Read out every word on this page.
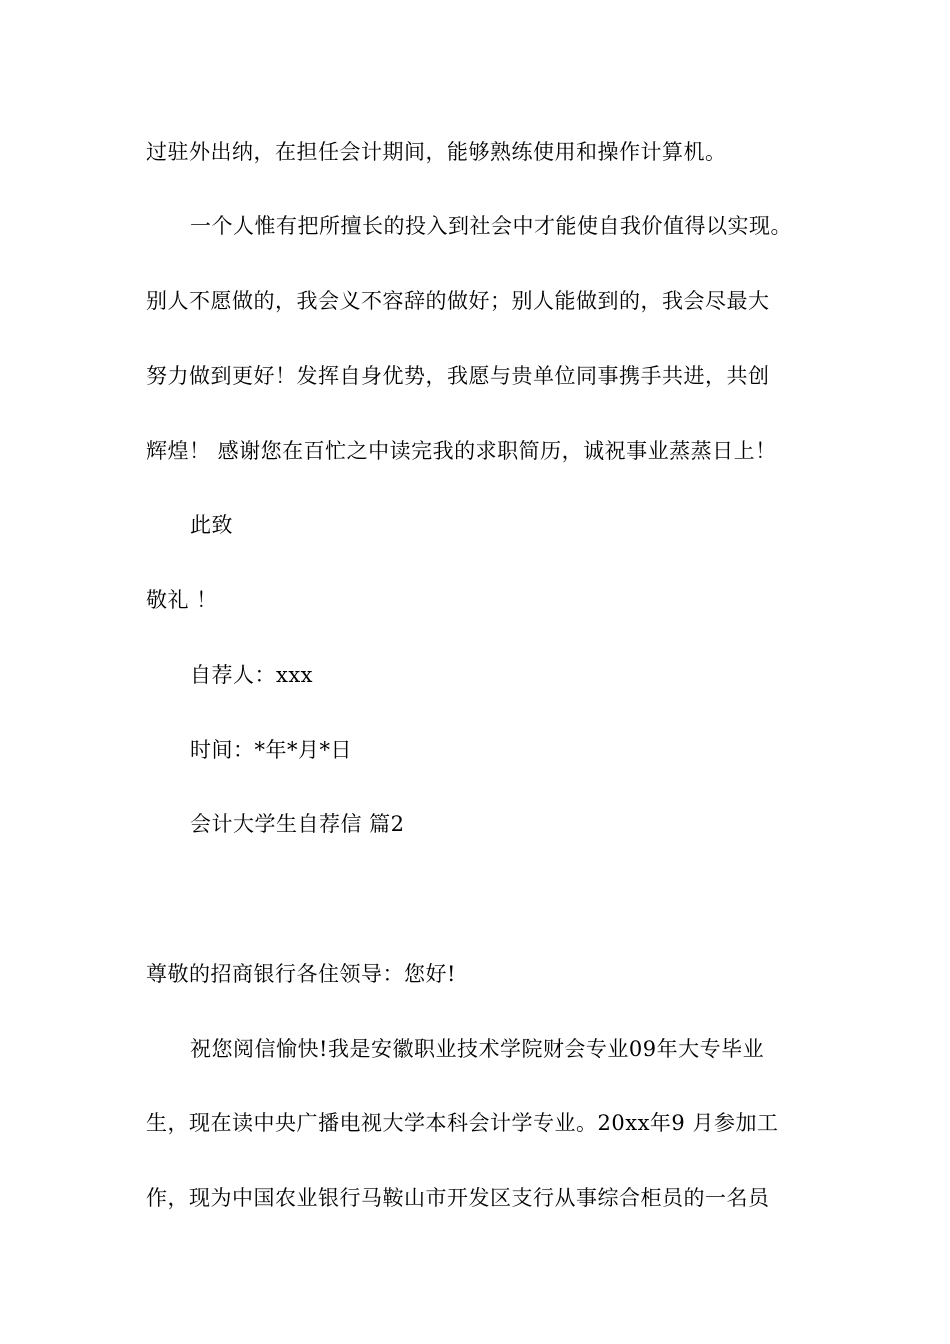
过驻外出纳，在担任会计期间，能够熟练使用和操作计算机。
一个人惟有把所擅长的投入到社会中才能使自我价值得以实现。
别人不愿做的，我会义不容辞的做好；别人能做到的，我会尽最大
努力做到更好！发挥自身优势，我愿与贵单位同事携手共进，共创
辉煌！ 感谢您在百忙之中读完我的求职简历，诚祝事业蒸蒸日上！
此致
敬礼 ！
自荐人：xxx
时间：*年*月*日
会计大学生自荐信 篇2
尊敬的招商银行各住领导：您好!
祝您阅信愉快!我是安徽职业技术学院财会专业09年大专毕业
生，现在读中央广播电视大学本科会计学专业。20xx年9 月参加工
作，现为中国农业银行马鞍山市开发区支行从事综合柜员的一名员
